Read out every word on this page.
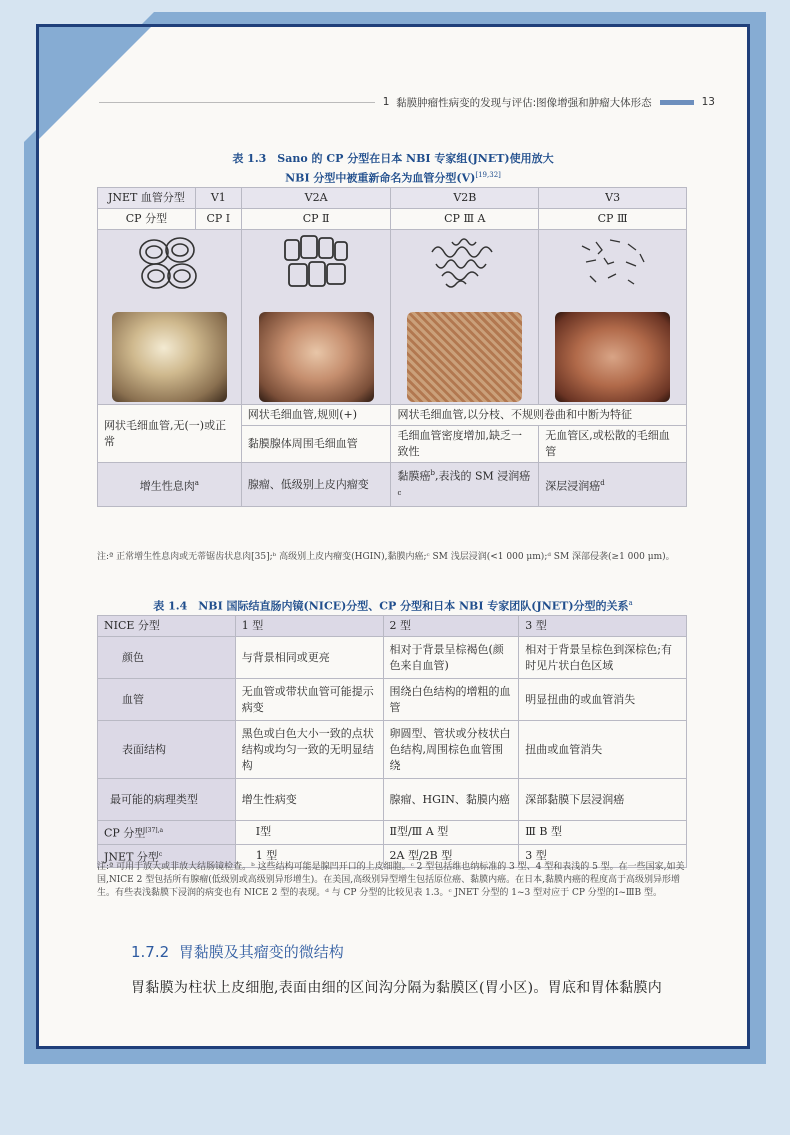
1
黏膜肿瘤性病变的发现与评估:图像增强和肿瘤大体形态	13
表 1.3　Sano 的 CP 分型在日本 NBI 专家组(JNET)使用放大
NBI 分型中被重新命名为血管分型(V)[19,32]
JNET 血管分型	V1	V2A	V2B	V3
CP 分型	CP Ⅰ	CP Ⅱ	CP Ⅲ A	CP Ⅲ

网状毛细血管,无(一)或正常		网状毛细血管,规则(+)	网状毛细血管,以分枝、不规则卷曲和中断为特征	
		黏膜腺体周围毛细血管	毛细血管密度增加,缺乏一致性	无血管区,或松散的毛细血管
增生性息肉$^a$		腺瘤、低级别上皮内瘤变	黏膜癌$^b$,表浅的 SM 浸润癌$^c$	深层浸润癌$^d$
注:ª 正常增生性息肉或无蒂锯齿状息肉[35];ᵇ 高级别上皮内瘤变(HGIN),黏膜内癌;ᶜ SM 浅层浸润(<1 000 μm);ᵈ SM 深部侵袭(≥1 000 μm)。
表 1.4　NBI 国际结直肠内镜(NICE)分型、CP 分型和日本 NBI 专家团队(JNET)分型的关系$^a$
NICE 分型	1 型	2 型	3 型
颜色	与背景相同或更亮	相对于背景呈棕褐色(颜色来自血管)	相对于背景呈棕色到深棕色;有时见片状白色区域
血管	无血管或带状血管可能提示病变	围绕白色结构的增粗的血管	明显扭曲的或血管消失
表面结构	黑色或白色大小一致的点状结构或均匀一致的无明显结构	卵圆型、管状或分枝状白色结构,周围棕色血管围绕	扭曲或血管消失
最可能的病理类型	增生性病变	腺瘤、HGIN、黏膜内癌	深部黏膜下层浸润癌
CP 分型$^{[37],a}$	Ⅰ型	Ⅱ型/Ⅲ A 型	Ⅲ B 型
JNET 分型$^c$	1 型	2A 型/2B 型	3 型
注:ª 可用于放大或非放大结肠镜检查。ᵇ 这些结构可能是腺凹开口的上皮细胞。ᶜ 2 型包括维也纳标准的 3 型、4 型和表浅的 5 型。在一些国家,如美国,NICE 2 型包括所有腺瘤(低级别或高级别异形增生)。在美国,高级别异型增生包括原位癌、黏膜内癌。在日本,黏膜内癌的程度高于高级别异形增生。有些表浅黏膜下浸润的病变也有 NICE 2 型的表现。ᵈ 与 CP 分型的比较见表 1.3。ᶜ JNET 分型的 1~3 型对应于 CP 分型的Ⅰ~ⅢB 型。
1.7.2 胃黏膜及其瘤变的微结构
胃黏膜为柱状上皮细胞,表面由细的区间沟分隔为黏膜区(胃小区)。胃底和胃体黏膜内
